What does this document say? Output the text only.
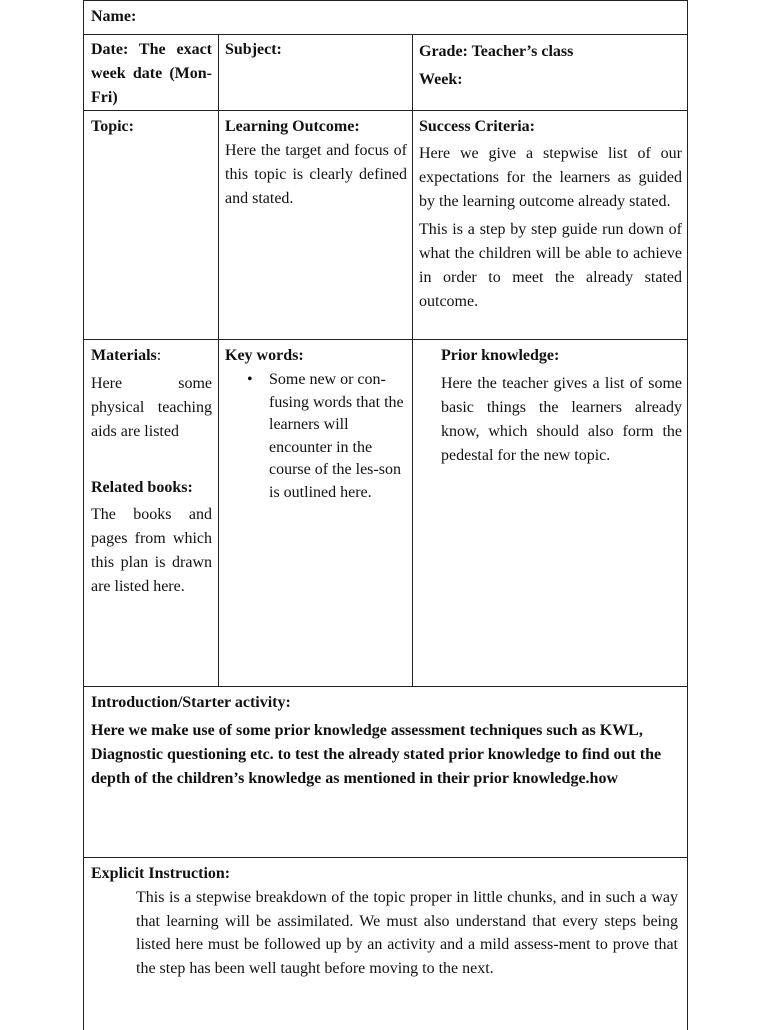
Name:
Date: The exact week date (Mon-Fri)
Subject:	Grade: Teacher’s class
Week:
Topic:	Learning Outcome:
Here the target and focus of this topic is clearly defined and stated.
Success Criteria:

Here we give a stepwise list of our expectations for the learners as guided by the learning outcome already stated.

This is a step by step guide run down of what the children will be able to achieve in order to meet the already stated outcome.

Materials:
Here some physical teaching aids are listed
Related books:
The books and pages from which this plan is drawn are listed here.
Key words:
• Some new or con-fusing words that the learners will encounter in the course of the les-son is outlined here.
Prior knowledge:
Here the teacher gives a list of some basic things the learners already know, which should also form the pedestal for the new topic.
Introduction/Starter activity:
Here we make use of some prior knowledge assessment techniques such as KWL, Diagnostic questioning etc. to test the already stated prior knowledge to find out the depth of the children’s knowledge as mentioned in their prior knowledge.how
Explicit Instruction:
This is a stepwise breakdown of the topic proper in little chunks, and in such a way that learning will be assimilated. We must also understand that every steps being listed here must be followed up by an activity and a mild assess-ment to prove that the step has been well taught before moving to the next.
